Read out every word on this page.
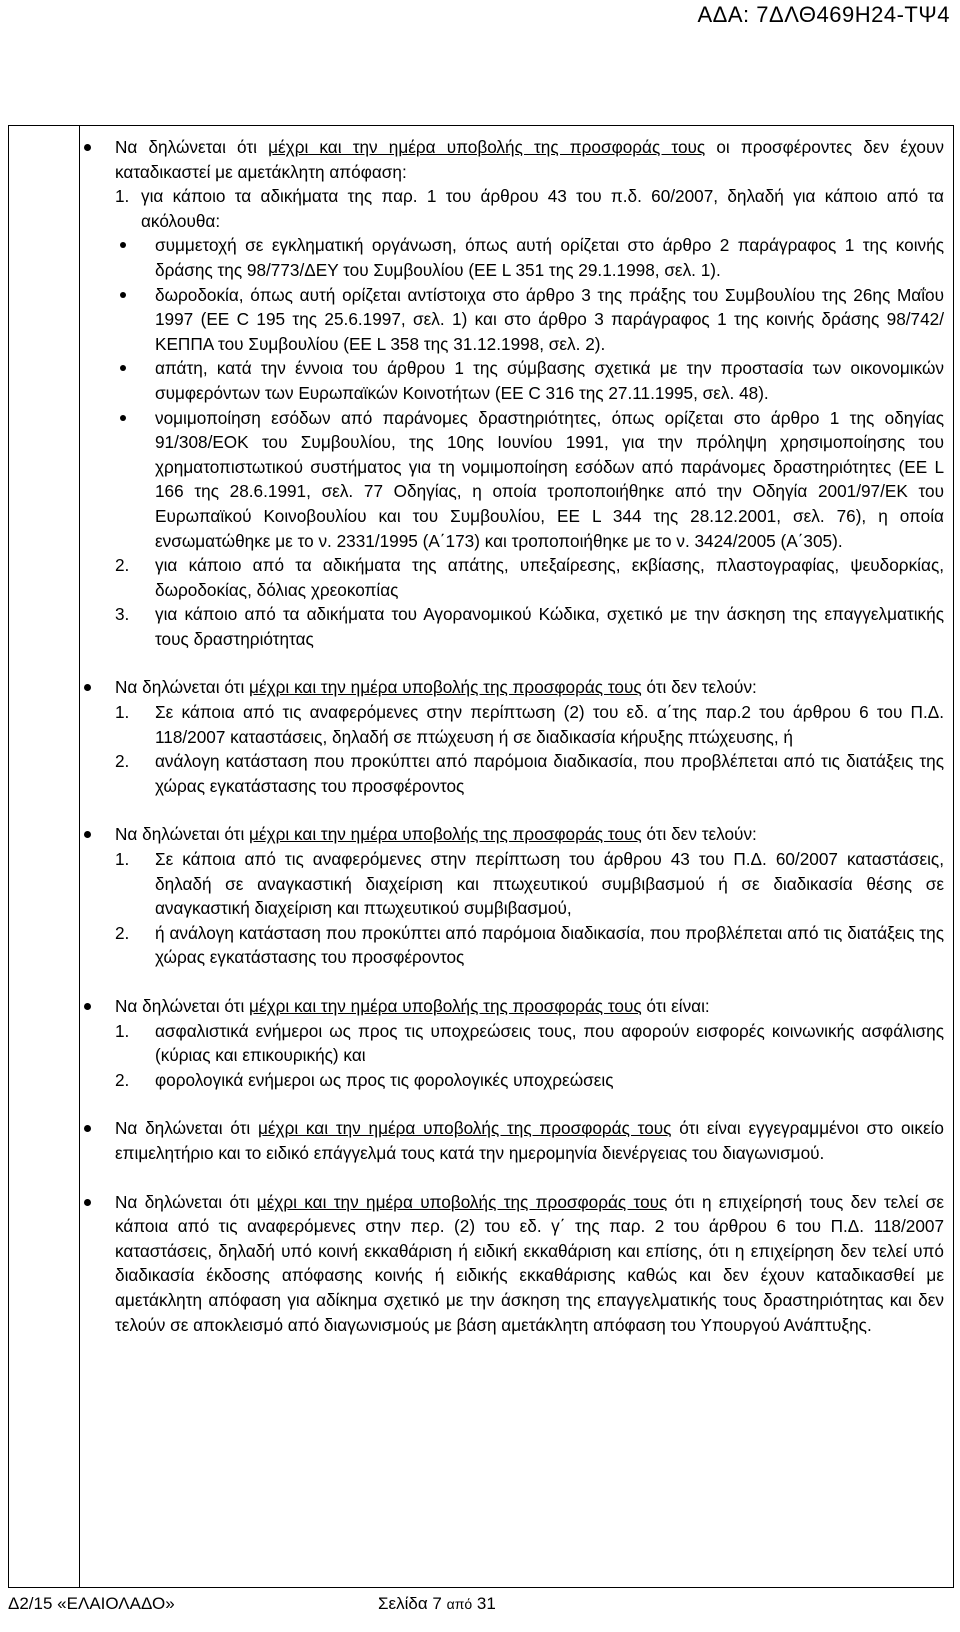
ΑΔΑ: 7ΔΛΘ469Η24-ΤΨ4
Να δηλώνεται ότι μέχρι και την ημέρα υποβολής της προσφοράς τους οι προσφέροντες δεν έχουν καταδικαστεί με αμετάκλητη απόφαση:
1. για κάποιο τα αδικήματα της παρ. 1 του άρθρου 43 του π.δ. 60/2007, δηλαδή για κάποιο από τα ακόλουθα:
συμμετοχή σε εγκληματική οργάνωση, όπως αυτή ορίζεται στο άρθρο 2 παράγραφος 1 της κοινής δράσης της 98/773/ΔΕΥ του Συμβουλίου (ΕΕ L 351 της 29.1.1998, σελ. 1).
δωροδοκία, όπως αυτή ορίζεται αντίστοιχα στο άρθρο 3 της πράξης του Συμβουλίου της 26ης Μαΐου 1997 (ΕΕ C 195 της 25.6.1997, σελ. 1) και στο άρθρο 3 παράγραφος 1 της κοινής δράσης 98/742/ΚΕΠΠΑ του Συμβουλίου (ΕΕ L 358 της 31.12.1998, σελ. 2).
απάτη, κατά την έννοια του άρθρου 1 της σύμβασης σχετικά με την προστασία των οικονομικών συμφερόντων των Ευρωπαϊκών Κοινοτήτων (ΕΕ C 316 της 27.11.1995, σελ. 48).
νομιμοποίηση εσόδων από παράνομες δραστηριότητες, όπως ορίζεται στο άρθρο 1 της οδηγίας 91/308/ΕΟΚ του Συμβουλίου, της 10ης Ιουνίου 1991, για την πρόληψη χρησιμοποίησης του χρηματοπιστωτικού συστήματος για τη νομιμοποίηση εσόδων από παράνομες δραστηριότητες (ΕΕ L 166 της 28.6.1991, σελ. 77 Οδηγίας, η οποία τροποποιήθηκε από την Οδηγία 2001/97/ΕΚ του Ευρωπαϊκού Κοινοβουλίου και του Συμβουλίου, ΕΕ L 344 της 28.12.2001, σελ. 76), η οποία ενσωματώθηκε με το ν. 2331/1995 (Α΄173) και τροποποιήθηκε με το ν. 3424/2005 (Α΄305).
2. για κάποιο από τα αδικήματα της απάτης, υπεξαίρεσης, εκβίασης, πλαστογραφίας, ψευδορκίας, δωροδοκίας, δόλιας χρεοκοπίας
3. για κάποιο από τα αδικήματα του Αγορανομικού Κώδικα, σχετικό με την άσκηση της επαγγελματικής τους δραστηριότητας
Να δηλώνεται ότι μέχρι και την ημέρα υποβολής της προσφοράς τους ότι δεν τελούν:
1. Σε κάποια από τις αναφερόμενες στην περίπτωση (2) του εδ. α΄της παρ.2 του άρθρου 6 του Π.Δ. 118/2007 καταστάσεις, δηλαδή σε πτώχευση ή σε διαδικασία κήρυξης πτώχευσης, ή
2. ανάλογη κατάσταση που προκύπτει από παρόμοια διαδικασία, που προβλέπεται από τις διατάξεις της χώρας εγκατάστασης του προσφέροντος
Να δηλώνεται ότι μέχρι και την ημέρα υποβολής της προσφοράς τους ότι δεν τελούν:
1. Σε κάποια από τις αναφερόμενες στην περίπτωση του άρθρου 43 του Π.Δ. 60/2007 καταστάσεις, δηλαδή σε αναγκαστική διαχείριση και πτωχευτικού συμβιβασμού ή σε διαδικασία θέσης σε αναγκαστική διαχείριση και πτωχευτικού συμβιβασμού,
2. ή ανάλογη κατάσταση που προκύπτει από παρόμοια διαδικασία, που προβλέπεται από τις διατάξεις της χώρας εγκατάστασης του προσφέροντος
Να δηλώνεται ότι μέχρι και την ημέρα υποβολής της προσφοράς τους ότι είναι:
1. ασφαλιστικά ενήμεροι ως προς τις υποχρεώσεις τους, που αφορούν εισφορές κοινωνικής ασφάλισης (κύριας και επικουρικής) και
2. φορολογικά ενήμεροι ως προς τις φορολογικές υποχρεώσεις
Να δηλώνεται ότι μέχρι και την ημέρα υποβολής της προσφοράς τους ότι είναι εγγεγραμμένοι στο οικείο επιμελητήριο και το ειδικό επάγγελμά τους κατά την ημερομηνία διενέργειας του διαγωνισμού.
Να δηλώνεται ότι μέχρι και την ημέρα υποβολής της προσφοράς τους ότι η επιχείρησή τους δεν τελεί σε κάποια από τις αναφερόμενες στην περ. (2) του εδ. γ΄ της παρ. 2 του άρθρου 6 του Π.Δ. 118/2007 καταστάσεις, δηλαδή υπό κοινή εκκαθάριση ή ειδική εκκαθάριση και επίσης, ότι η επιχείρηση δεν τελεί υπό διαδικασία έκδοσης απόφασης κοινής ή ειδικής εκκαθάρισης καθώς και δεν έχουν καταδικασθεί με αμετάκλητη απόφαση για αδίκημα σχετικό με την άσκηση της επαγγελματικής τους δραστηριότητας και δεν τελούν σε αποκλεισμό από διαγωνισμούς με βάση αμετάκλητη απόφαση του Υπουργού Ανάπτυξης.
Δ2/15 «ΕΛΑΙΟΛΑΔΟ»	Σελίδα 7 από 31
